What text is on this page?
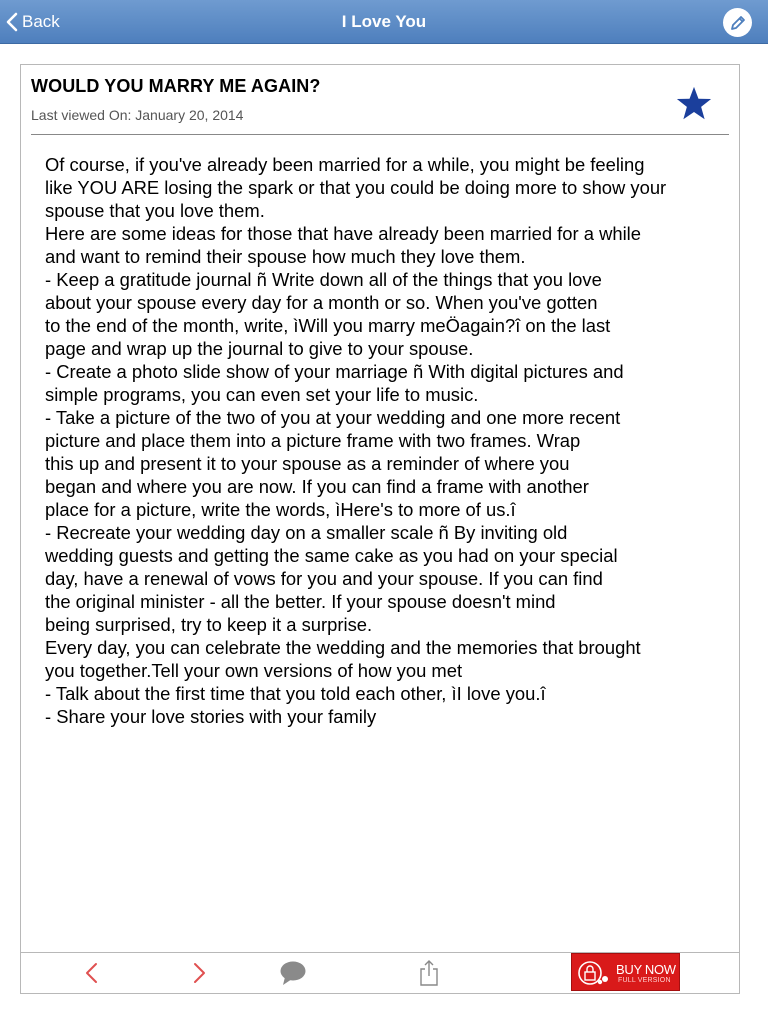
Back	I Love You
WOULD YOU MARRY ME AGAIN?
Last viewed On: January 20, 2014
Of course, if you've already been married for a while, you might be feeling
like YOU ARE losing the spark or that you could be doing more to show your
spouse that you love them.
Here are some ideas for those that have already been married for a while
and want to remind their spouse how much they love them.
- Keep a gratitude journal ñ Write down all of the things that you love
about your spouse every day for a month or so. When you've gotten
to the end of the month, write, ìWill you marry meÖagain?î on the last
page and wrap up the journal to give to your spouse.
- Create a photo slide show of your marriage ñ With digital pictures and
simple programs, you can even set your life to music.
- Take a picture of the two of you at your wedding and one more recent
picture and place them into a picture frame with two frames. Wrap
this up and present it to your spouse as a reminder of where you
began and where you are now. If you can find a frame with another
place for a picture, write the words, ìHere's to more of us.î
- Recreate your wedding day on a smaller scale ñ By inviting old
wedding guests and getting the same cake as you had on your special
day, have a renewal of vows for you and your spouse. If you can find
the original minister - all the better. If your spouse doesn't mind
being surprised, try to keep it a surprise.
Every day, you can celebrate the wedding and the memories that brought
you together.Tell your own versions of how you met
- Talk about the first time that you told each other, ìI love you.î
- Share your love stories with your family
BUY NOW
FULL VERSION
